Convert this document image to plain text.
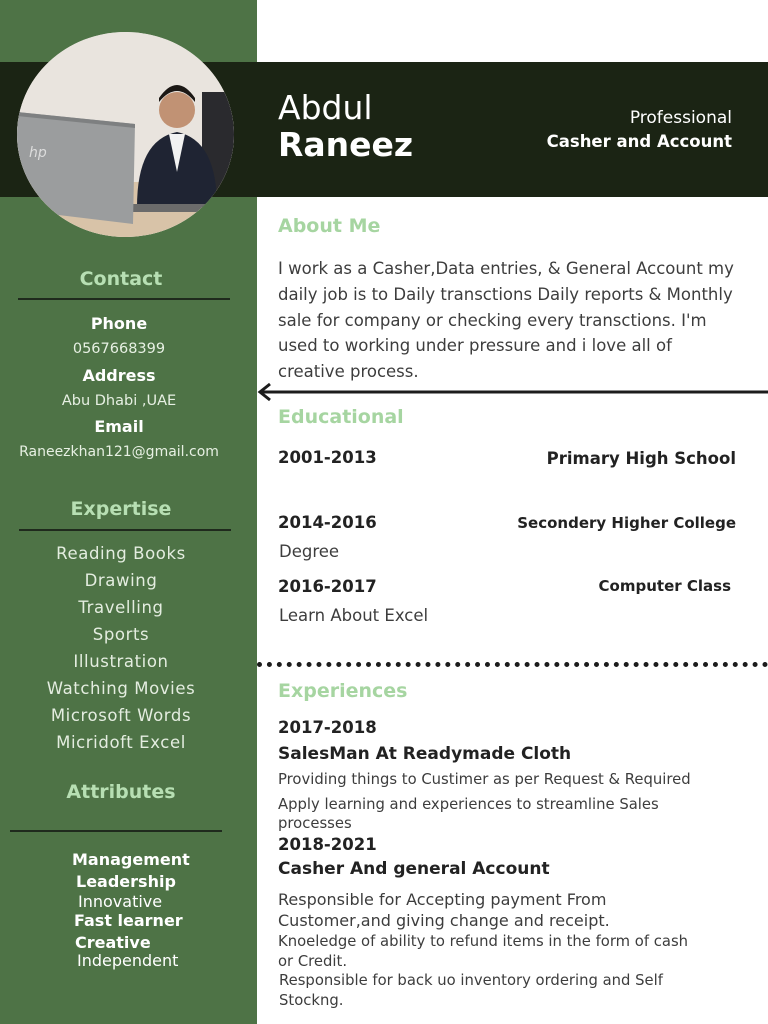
hp
Abdul
Raneez
Professional
Casher and Account
Contact
Phone
0567668399
Address
Abu Dhabi ,UAE
Email
Raneezkhan121@gmail.com
Expertise
Reading Books
Drawing
Travelling
Sports
Illustration
Watching Movies
Microsoft Words
Micridoft Excel
Attributes
Management
Leadership
Innovative
Fast learner
Creative
Independent
About Me
I work as a Casher,Data entries, & General Account my daily job is to Daily transctions Daily reports & Monthly sale for company or checking every transctions. I'm used to working under pressure and i love all of creative process.
Educational
2001-2013	Primary High School
2014-2016	Secondery Higher College
Degree
2016-2017	Computer Class
Learn About Excel
Experiences
2017-2018
SalesMan At Readymade Cloth
Providing things to Custimer as per Request & Required
Apply learning and experiences to streamline Sales processes
2018-2021
Casher And general Account
Responsible for Accepting payment From Customer,and giving change and receipt.
Knoeledge of ability to refund items in the form of cash or Credit.
Responsible for back uo inventory ordering and Self Stockng.
